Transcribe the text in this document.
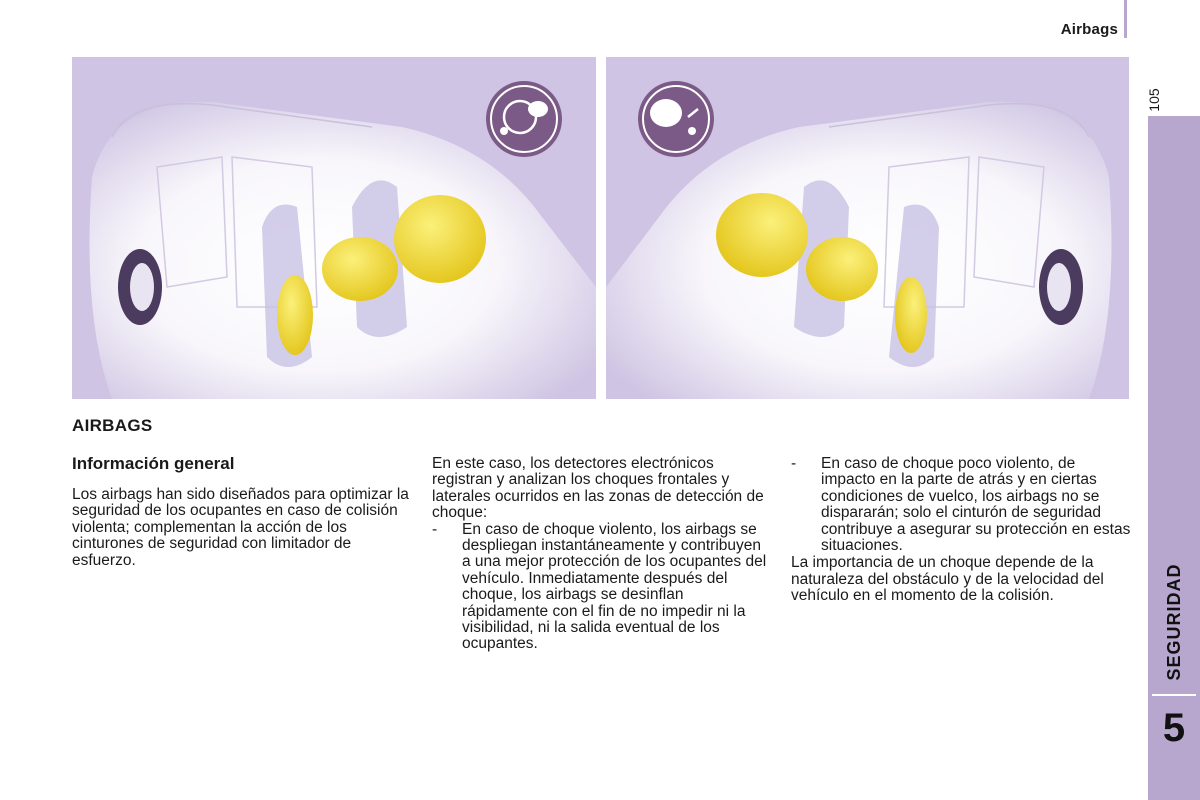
Airbags
105
SEGURIDAD
5
AIRBAGS

Información general

Los airbags han sido diseñados para optimizar la seguridad de los ocupantes en caso de colisión violenta; complementan la acción de los cinturones de seguridad con limitador de esfuerzo.

En este caso, los detectores electrónicos registran y analizan los choques frontales y laterales ocurridos en las zonas de detección de choque:

-	En caso de choque violento, los airbags se despliegan instantáneamente y contribuyen a una mejor protección de los ocupantes del vehículo. Inmediatamente después del choque, los airbags se desinflan rápidamente con el fin de no impedir ni la visibilidad, ni la salida eventual de los ocupantes.
-	En caso de choque poco violento, de impacto en la parte de atrás y en ciertas condiciones de vuelco, los airbags no se dispararán; solo el cinturón de seguridad contribuye a asegurar su protección en estas situaciones.

La importancia de un choque depende de la naturaleza del obstáculo y de la velocidad del vehículo en el momento de la colisión.
